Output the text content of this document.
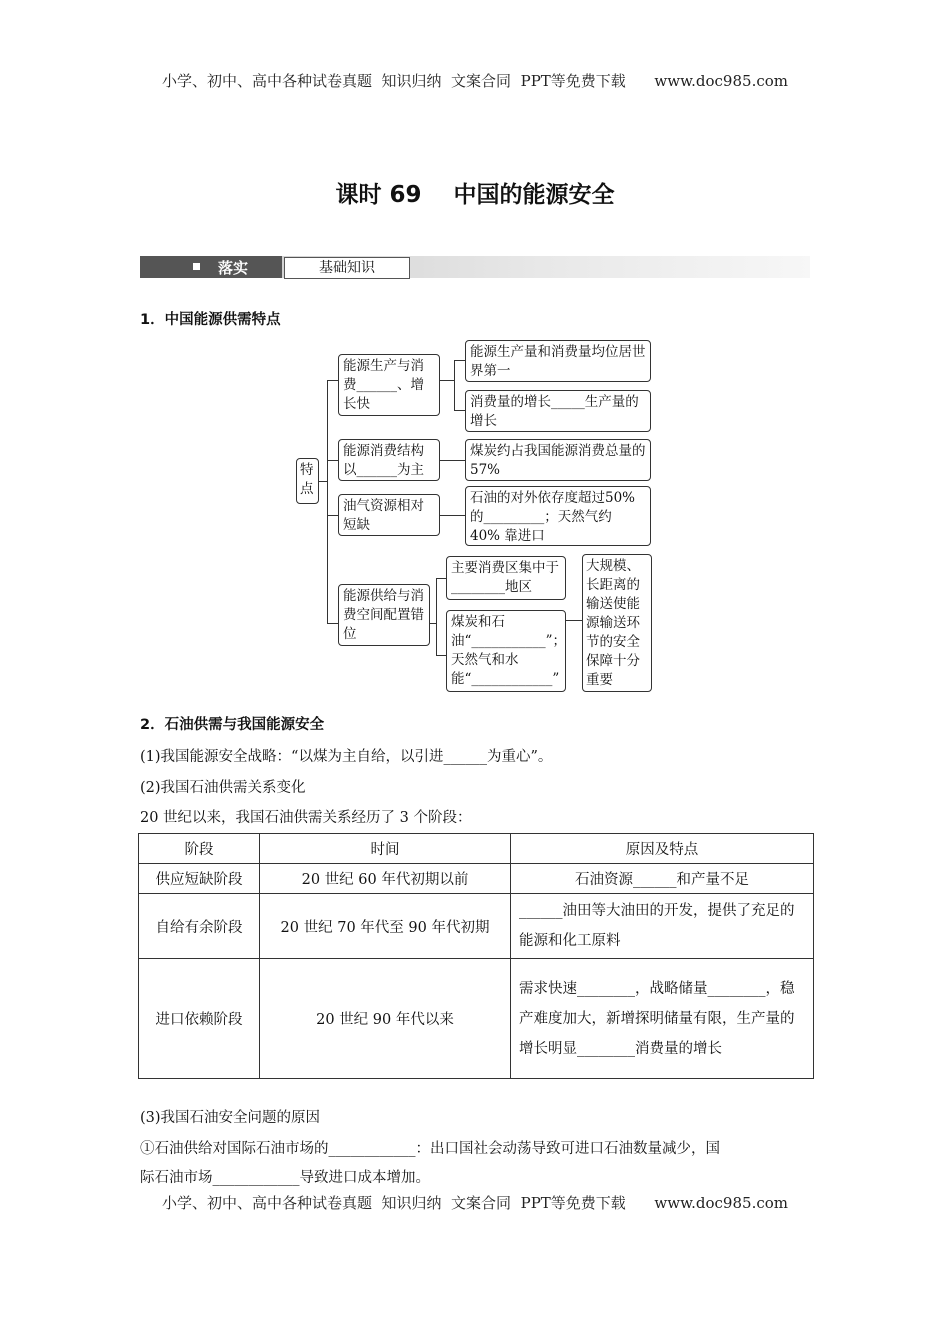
小学、初中、高中各种试卷真题  知识归纳  文案合同  PPT等免费下载      www.doc985.com
课时 69    中国的能源安全
落实	基础知识
1．中国能源供需特点
特点
能源生产与消费______、增长快
能源生产量和消费量均位居世界第一
消费量的增长_____生产量的增长
能源消费结构以______为主
煤炭约占我国能源消费总量的 57%
油气资源相对短缺
石油的对外依存度超过50%的_________；天然气约 40% 靠进口
能源供给与消费空间配置错位
主要消费区集中于________地区
煤炭和石油“___________”；天然气和水能“____________”
大规模、长距离的输送使能源输送环节的安全保障十分重要
2．石油供需与我国能源安全
(1)我国能源安全战略：“以煤为主自给，以引进______为重心”。
(2)我国石油供需关系变化
20 世纪以来，我国石油供需关系经历了 3 个阶段：
阶段	时间	原因及特点
供应短缺阶段	20 世纪 60 年代初期以前	石油资源______和产量不足
自给有余阶段	20 世纪 70 年代至 90 年代初期	______油田等大油田的开发，提供了充足的能源和化工原料
进口依赖阶段	20 世纪 90 年代以来	需求快速________，战略储量________，稳产难度加大，新增探明储量有限，生产量的增长明显________消费量的增长
(3)我国石油安全问题的原因
①石油供给对国际石油市场的____________：出口国社会动荡导致可进口石油数量减少，国
际石油市场____________导致进口成本增加。
小学、初中、高中各种试卷真题  知识归纳  文案合同  PPT等免费下载      www.doc985.com
